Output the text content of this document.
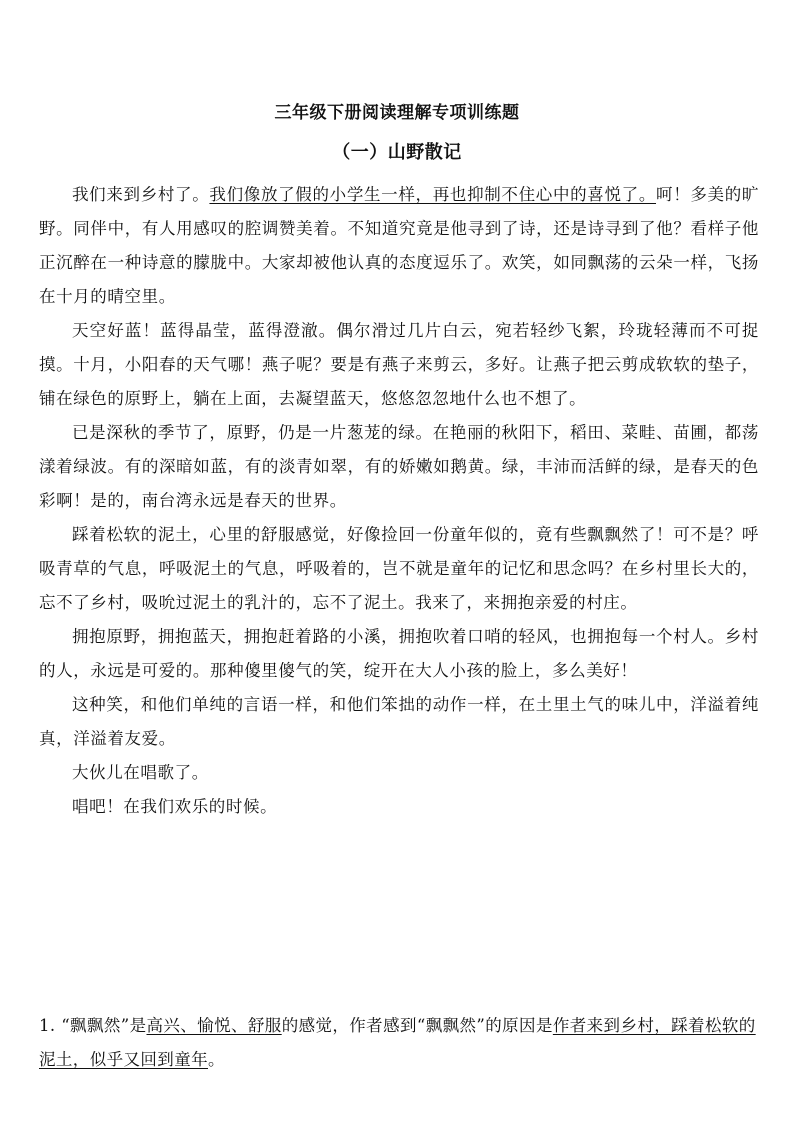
三年级下册阅读理解专项训练题
（一）山野散记

我们来到乡村了。我们像放了假的小学生一样，再也抑制不住心中的喜悦了。呵！多美的旷野。同伴中，有人用感叹的腔调赞美着。不知道究竟是他寻到了诗，还是诗寻到了他？看样子他正沉醉在一种诗意的朦胧中。大家却被他认真的态度逗乐了。欢笑，如同飘荡的云朵一样，飞扬在十月的晴空里。

天空好蓝！蓝得晶莹，蓝得澄澈。偶尔滑过几片白云，宛若轻纱飞絮，玲珑轻薄而不可捉摸。十月，小阳春的天气哪！燕子呢？要是有燕子来剪云，多好。让燕子把云剪成软软的垫子，铺在绿色的原野上，躺在上面，去凝望蓝天，悠悠忽忽地什么也不想了。

已是深秋的季节了，原野，仍是一片葱茏的绿。在艳丽的秋阳下，稻田、菜畦、苗圃，都荡漾着绿波。有的深暗如蓝，有的淡青如翠，有的娇嫩如鹅黄。绿，丰沛而活鲜的绿，是春天的色彩啊！是的，南台湾永远是春天的世界。

踩着松软的泥土，心里的舒服感觉，好像捡回一份童年似的，竟有些飘飘然了！可不是？呼吸青草的气息，呼吸泥土的气息，呼吸着的，岂不就是童年的记忆和思念吗？在乡村里长大的，忘不了乡村，吸吮过泥土的乳汁的，忘不了泥土。我来了，来拥抱亲爱的村庄。

拥抱原野，拥抱蓝天，拥抱赶着路的小溪，拥抱吹着口哨的轻风，也拥抱每一个村人。乡村的人，永远是可爱的。那种傻里傻气的笑，绽开在大人小孩的脸上，多么美好！

这种笑，和他们单纯的言语一样，和他们笨拙的动作一样，在土里土气的味儿中，洋溢着纯真，洋溢着友爱。

大伙儿在唱歌了。

唱吧！在我们欢乐的时候。

1. “飘飘然”是高兴、愉悦、舒服的感觉，作者感到“飘飘然”的原因是作者来到乡村，踩着松软的泥土，似乎又回到童年。
